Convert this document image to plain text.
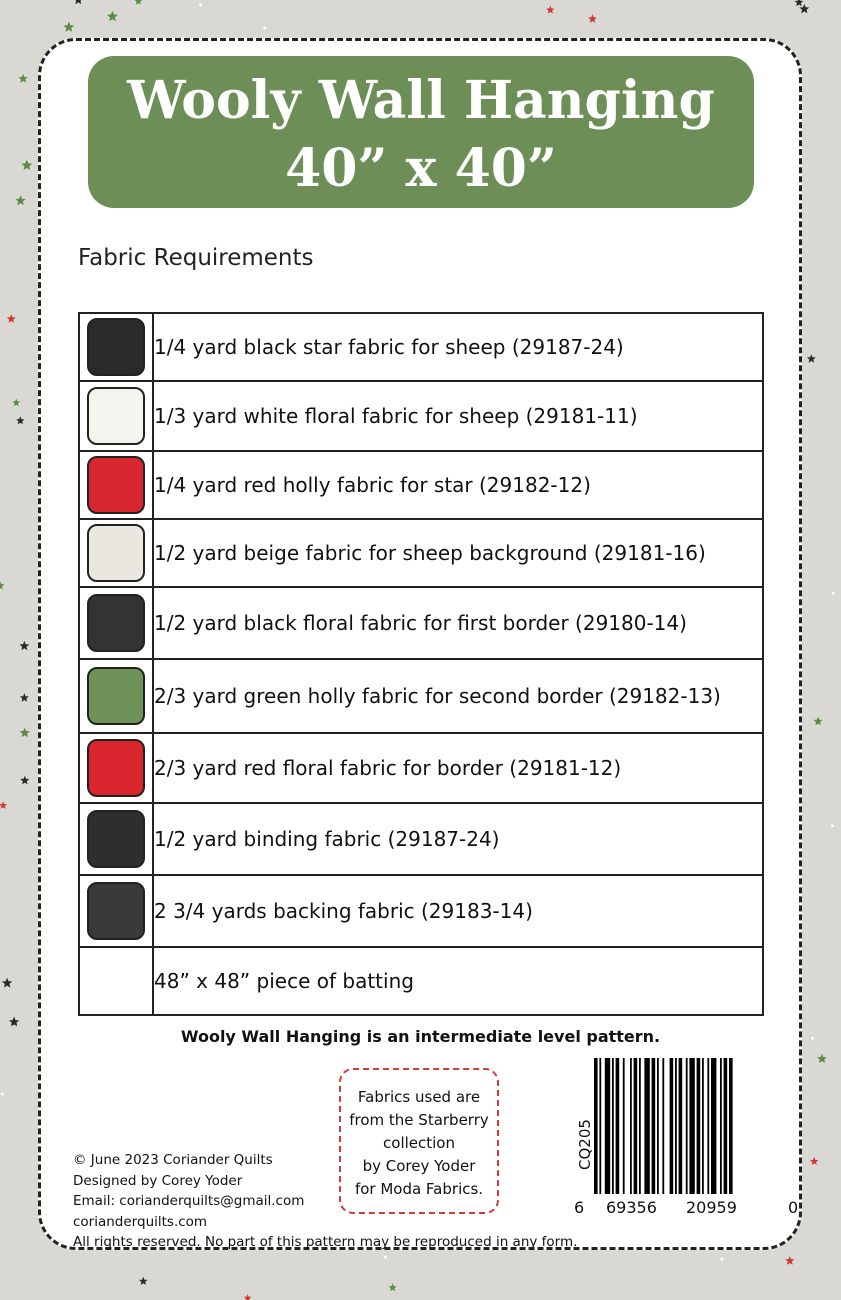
Wooly Wall Hanging
40” x 40”
Fabric Requirements
	1/4 yard black star fabric for sheep (29187-24)

	1/3 yard white floral fabric for sheep (29181-11)

	1/4 yard red holly fabric for star (29182-12)

	1/2 yard beige fabric for sheep background (29181-16)

	1/2 yard black floral fabric for first border (29180-14)

	2/3 yard green holly fabric for second border (29182-13)

	2/3 yard red floral fabric for border (29181-12)

	1/2 yard binding fabric (29187-24)

	2 3/4 yards backing fabric (29183-14)
	48” x 48” piece of batting
Wooly Wall Hanging is an intermediate level pattern.
Fabrics used are
from the Starberry
collection
by Corey Yoder
for Moda Fabrics.
© June 2023 Coriander Quilts
Designed by Corey Yoder
Email: corianderquilts@gmail.com
corianderquilts.com
All rights reserved. No part of this pattern may be reproduced in any form.
CQ205
6 69356 20959	0
